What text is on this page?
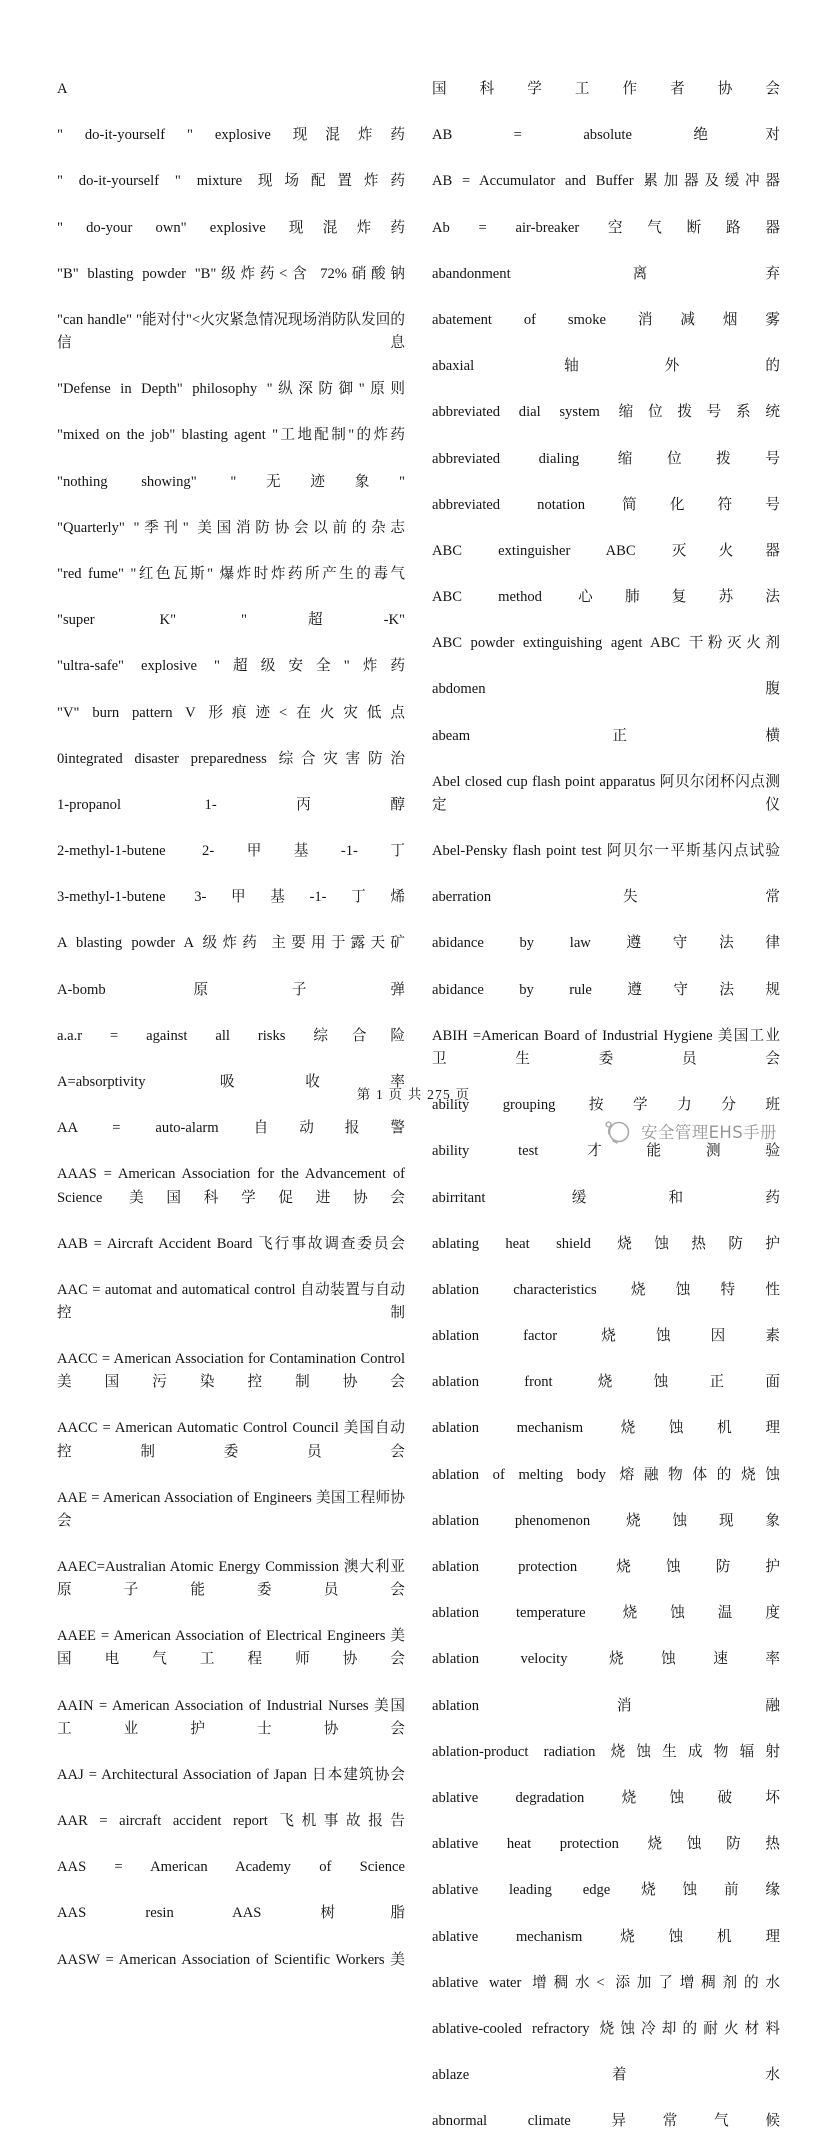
A

" do-it-yourself " explosive 现混炸药

" do-it-yourself " mixture 现场配置炸药

" do-your own" explosive 现混炸药

"B" blasting powder "B"级炸药<含 72%硝酸钠

"can handle" "能对付"<火灾紧急情况现场消防队发回的信息

"Defense in Depth" philosophy "纵深防御"原则

"mixed on the job" blasting agent "工地配制"的炸药

"nothing showing" "无迹象"

"Quarterly" "季刊" 美国消防协会以前的杂志

"red fume" "红色瓦斯" 爆炸时炸药所产生的毒气

"super K" "超-K"

"ultra-safe" explosive "超级安全"炸药

"V" burn pattern V 形痕迹<在火灾低点

0integrated disaster preparedness 综合灾害防治

1-propanol 1-丙醇

2-methyl-1-butene 2-甲基-1-丁

3-methyl-1-butene 3-甲基-1-丁烯

A blasting powder A 级炸药 主要用于露天矿

A-bomb 原子弹

a.a.r = against all risks 综合险

A=absorptivity 吸收率

AA = auto-alarm 自动报警

AAAS = American Association for the Advancement of Science 美国科学促进协会

AAB = Aircraft Accident Board 飞行事故调查委员会

AAC = automat and automatical control 自动装置与自动控制

AACC = American Association for Contamination Control 美国污染控制协会

AACC = American Automatic Control Council 美国自动控制委员会

AAE = American Association of Engineers 美国工程师协会

AAEC=Australian Atomic Energy Commission 澳大利亚原子能委员会

AAEE = American Association of Electrical Engineers 美国电气工程师协会

AAIN = American Association of Industrial Nurses 美国工业护士协会

AAJ = Architectural Association of Japan 日本建筑协会

AAR = aircraft accident report 飞机事故报告

AAS = American Academy of Science

AAS resin AAS 树脂

AASW = American Association of Scientific Workers 美

国科学工作者协会

AB = absolute 绝对

AB = Accumulator and Buffer 累加器及缓冲器

Ab = air-breaker 空气断路器

abandonment 离弃

abatement of smoke 消减烟雾

abaxial 轴外的

abbreviated dial system 缩位拨号系统

abbreviated dialing 缩位拨号

abbreviated notation 简化符号

ABC extinguisher ABC 灭火器

ABC method 心肺复苏法

ABC powder extinguishing agent ABC 干粉灭火剂

abdomen 腹

abeam 正横

Abel closed cup flash point apparatus 阿贝尔闭杯闪点测定仪

Abel-Pensky flash point test 阿贝尔一平斯基闪点试验

aberration 失常

abidance by law 遵守法律

abidance by rule 遵守法规

ABIH =American Board of Industrial Hygiene 美国工业卫生委员会

ability grouping 按学力分班

ability test 才能测验

abirritant 缓和药

ablating heat shield 烧蚀热防护

ablation characteristics 烧蚀特性

ablation factor 烧蚀因素

ablation front 烧蚀正面

ablation mechanism 烧蚀机理

ablation of melting body 熔融物体的烧蚀

ablation phenomenon 烧蚀现象

ablation protection 烧蚀防护

ablation temperature 烧蚀温度

ablation velocity 烧蚀速率

ablation 消融

ablation-product radiation 烧蚀生成物辐射

ablative degradation 烧蚀破坏

ablative heat protection 烧蚀防热

ablative leading edge 烧蚀前缘

ablative mechanism 烧蚀机理

ablative water 增稠水< 添加了增稠剂的水

ablative-cooled refractory 烧蚀冷却的耐火材料

ablaze 着水

abnormal climate 异常气候

第 1 页 共 275 页
安全管理EHS手册
